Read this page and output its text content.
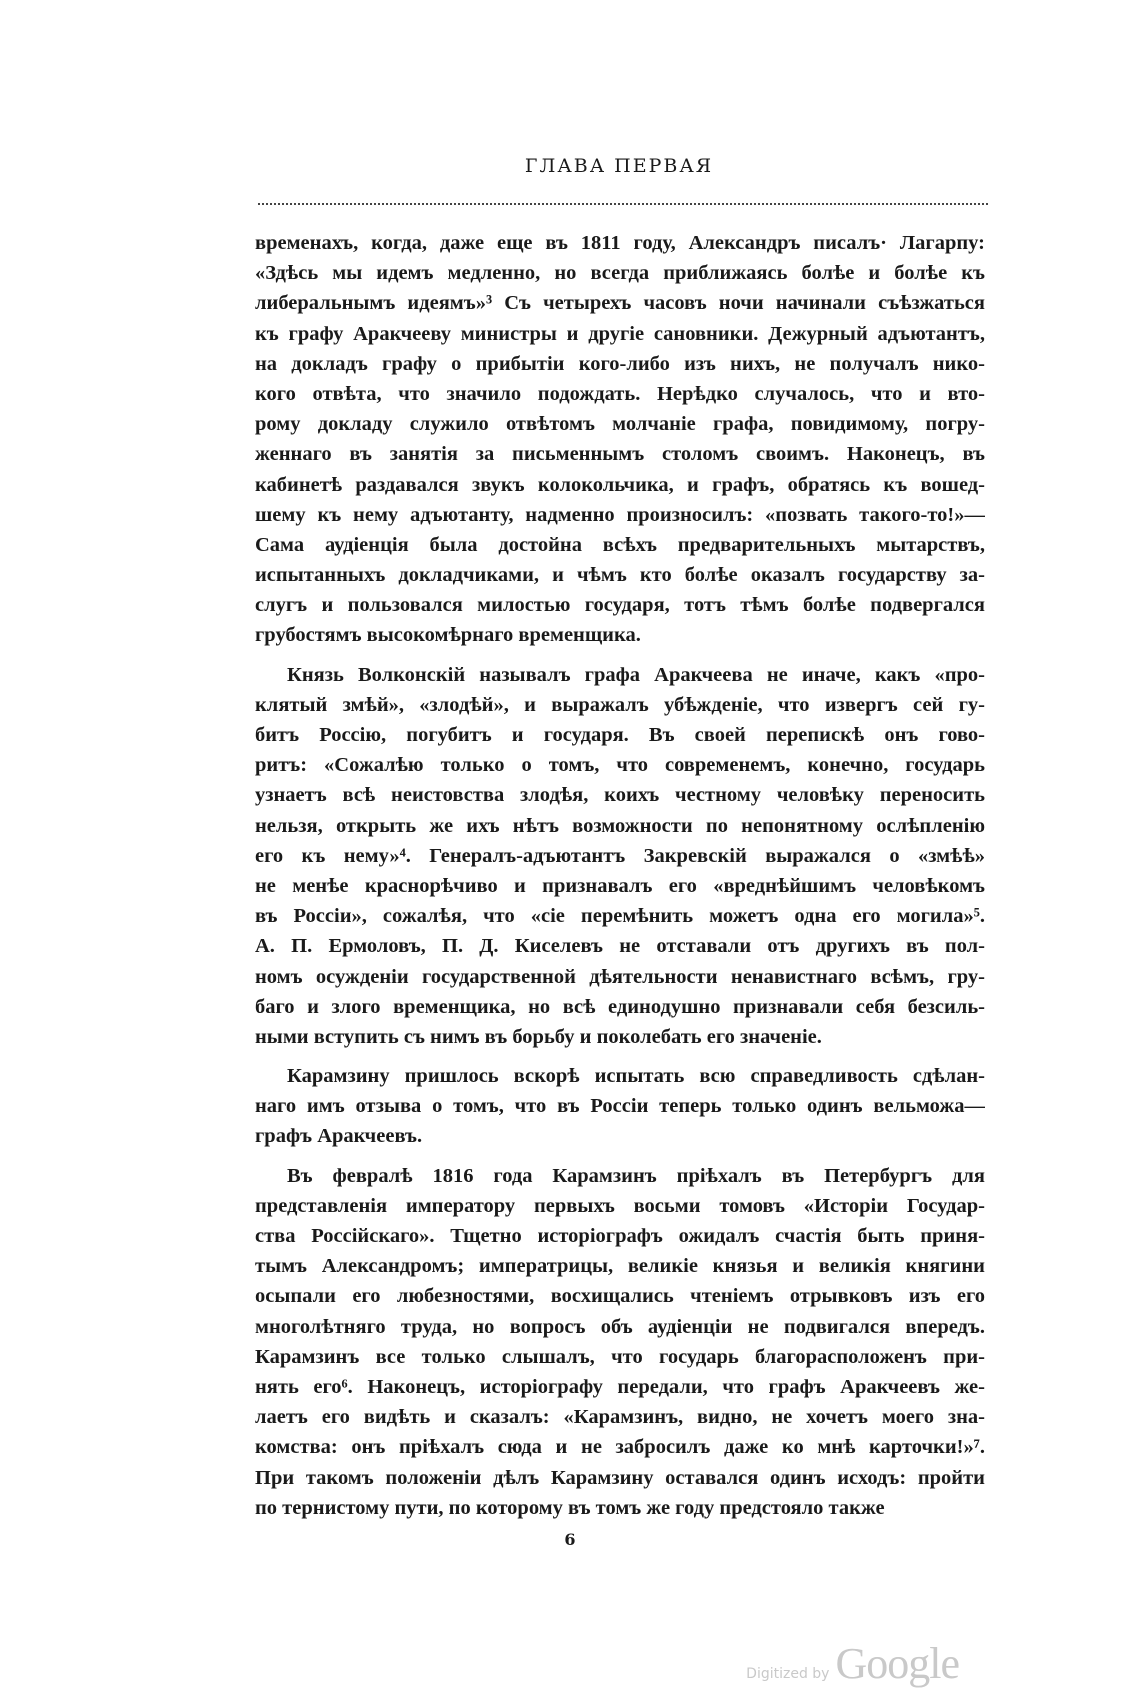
ГЛАВА ПЕРВАЯ
временахъ, когда, даже еще въ 1811 году, Александръ писалъ· Лагарпу:
«Здѣсь мы идемъ медленно, но всегда приближаясь болѣе и болѣе къ
либеральнымъ идеямъ»³ Съ четырехъ часовъ ночи начинали съѣзжаться
къ графу Аракчееву министры и другіе сановники. Дежурный адъютантъ,
на докладъ графу о прибытіи кого-либо изъ нихъ, не получалъ нико-
кого отвѣта, что значило подождать. Нерѣдко случалось, что и вто-
рому докладу служило отвѣтомъ молчаніе графа, повидимому, погру-
женнаго въ занятія за письменнымъ столомъ своимъ. Наконецъ, въ
кабинетѣ раздавался звукъ колокольчика, и графъ, обратясь къ вошед-
шему къ нему адъютанту, надменно произносилъ: «позвать такого-то!»—
Сама аудіенція была достойна всѣхъ предварительныхъ мытарствъ,
испытанныхъ докладчиками, и чѣмъ кто болѣе оказалъ государству за-
слугъ и пользовался милостью государя, тотъ тѣмъ болѣе подвергался
грубостямъ высокомѣрнаго временщика.
Князь Волконскій называлъ графа Аракчеева не иначе, какъ «про-
клятый змѣй», «злодѣй», и выражалъ убѣжденіе, что извергъ сей гу-
битъ Россію, погубитъ и государя. Въ своей перепискѣ онъ гово-
ритъ: «Сожалѣю только о томъ, что современемъ, конечно, государь
узнаетъ всѣ неистовства злодѣя, коихъ честному человѣку переносить
нельзя, открыть же ихъ нѣтъ возможности по непонятному ослѣпленію
его къ нему»⁴. Генералъ-адъютантъ Закревскій выражался о «змѣѣ»
не менѣе краснорѣчиво и признавалъ его «вреднѣйшимъ человѣкомъ
въ Россіи», сожалѣя, что «сіе перемѣнить можетъ одна его могила»⁵.
А. П. Ермоловъ, П. Д. Киселевъ не отставали отъ другихъ въ пол-
номъ осужденіи государственной дѣятельности ненавистнаго всѣмъ, гру-
баго и злого временщика, но всѣ единодушно признавали себя безсиль-
ными вступить съ нимъ въ борьбу и поколебать его значеніе.
Карамзину пришлось вскорѣ испытать всю справедливость сдѣлан-
наго имъ отзыва о томъ, что въ Россіи теперь только одинъ вельможа—
графъ Аракчеевъ.
Въ февралѣ 1816 года Карамзинъ пріѣхалъ въ Петербургъ для
представленія императору первыхъ восьми томовъ «Исторіи Государ-
ства Россійскаго». Тщетно исторіографъ ожидалъ счастія быть приня-
тымъ Александромъ; императрицы, великіе князья и великія княгини
осыпали его любезностями, восхищались чтеніемъ отрывковъ изъ его
многолѣтняго труда, но вопросъ объ аудіенціи не подвигался впередъ.
Карамзинъ все только слышалъ, что государь благорасположенъ при-
нять его⁶. Наконецъ, исторіографу передали, что графъ Аракчеевъ же-
лаетъ его видѣть и сказалъ: «Карамзинъ, видно, не хочетъ моего зна-
комства: онъ пріѣхалъ сюда и не забросилъ даже ко мнѣ карточки!»⁷.
При такомъ положеніи дѣлъ Карамзину оставался одинъ исходъ: пройти
по тернистому пути, по которому въ томъ же году предстояло также
6
Digitized by Google
